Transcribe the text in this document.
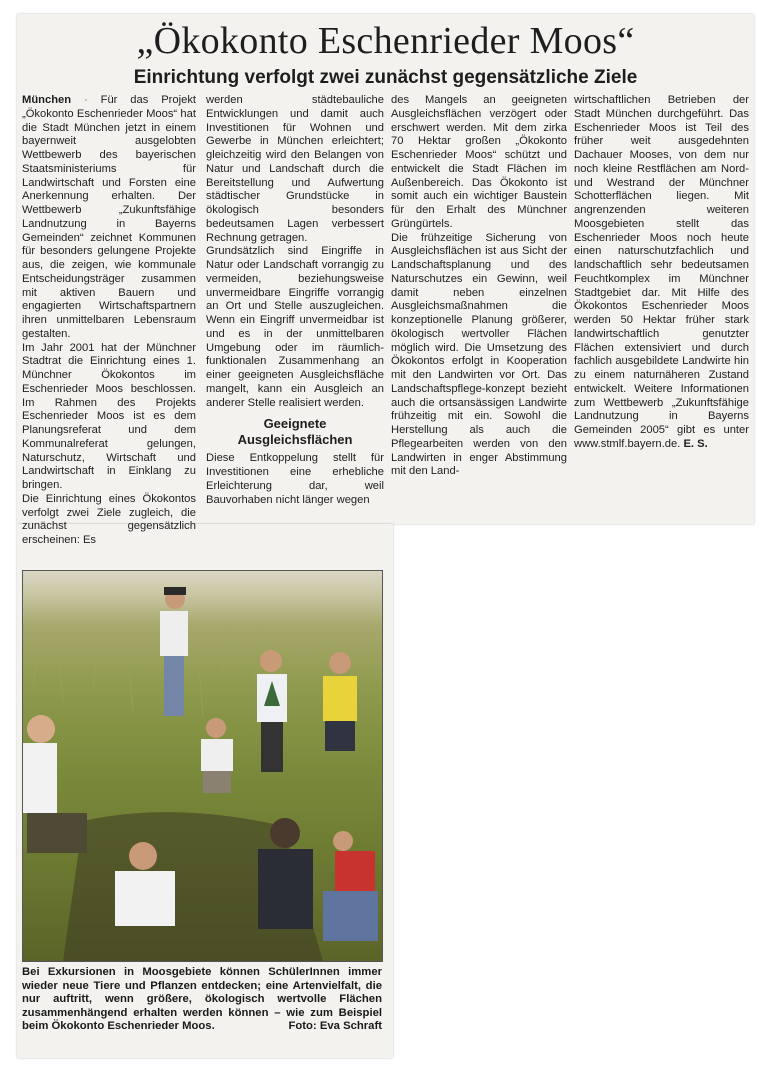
„Ökokonto Eschenrieder Moos“
Einrichtung verfolgt zwei zunächst gegensätzliche Ziele

München · Für das Projekt „Ökokonto Eschenrieder Moos“ hat die Stadt München jetzt in einem bayernweit ausgelobten Wettbewerb des bayerischen Staatsministeriums für Landwirtschaft und Forsten eine Anerkennung erhalten. Der Wettbewerb „Zukunftsfähige Landnutzung in Bayerns Gemeinden“ zeichnet Kommunen für besonders gelungene Projekte aus, die zeigen, wie kommunale Entscheidungsträger zusammen mit aktiven Bauern und engagierten Wirtschaftspartnern ihren unmittelbaren Lebensraum gestalten.

Im Jahr 2001 hat der Münchner Stadtrat die Einrichtung eines 1. Münchner Ökokontos im Eschenrieder Moos beschlossen. Im Rahmen des Projekts Eschenrieder Moos ist es dem Planungsreferat und dem Kommunalreferat gelungen, Naturschutz, Wirtschaft und Landwirtschaft in Einklang zu bringen.

Die Einrichtung eines Ökokontos verfolgt zwei Ziele zugleich, die zunächst gegensätzlich erscheinen: Es

werden städtebauliche Entwicklungen und damit auch Investitionen für Wohnen und Gewerbe in München erleichtert; gleichzeitig wird den Belangen von Natur und Landschaft durch die Bereitstellung und Aufwertung städtischer Grundstücke in ökologisch besonders bedeutsamen Lagen verbessert Rechnung getragen.

Grundsätzlich sind Eingriffe in Natur oder Landschaft vorrangig zu vermeiden, beziehungsweise unvermeidbare Eingriffe vorrangig an Ort und Stelle auszugleichen. Wenn ein Eingriff unvermeidbar ist und es in der unmittelbaren Umgebung oder im räumlich-funktionalen Zusammenhang an einer geeigneten Ausgleichsfläche mangelt, kann ein Ausgleich an anderer Stelle realisiert werden.

Geeignete Ausgleichsflächen

Diese Entkoppelung stellt für Investitionen eine erhebliche Erleichterung dar, weil Bauvorhaben nicht länger wegen

des Mangels an geeigneten Ausgleichsflächen verzögert oder erschwert werden. Mit dem zirka 70 Hektar großen „Ökokonto Eschenrieder Moos“ schützt und entwickelt die Stadt Flächen im Außenbereich. Das Ökokonto ist somit auch ein wichtiger Baustein für den Erhalt des Münchner Grüngürtels.

Die frühzeitige Sicherung von Ausgleichsflächen ist aus Sicht der Landschaftsplanung und des Naturschutzes ein Gewinn, weil damit neben einzelnen Ausgleichsmaßnahmen die konzeptionelle Planung größerer, ökologisch wertvoller Flächen möglich wird. Die Umsetzung des Ökokontos erfolgt in Kooperation mit den Landwirten vor Ort. Das Landschaftspflege-konzept bezieht auch die ortsansässigen Landwirte frühzeitig mit ein. Sowohl die Herstellung als auch die Pflegearbeiten werden von den Landwirten in enger Abstimmung mit den Land-

wirtschaftlichen Betrieben der Stadt München durchgeführt. Das Eschenrieder Moos ist Teil des früher weit ausgedehnten Dachauer Mooses, von dem nur noch kleine Restflächen am Nord- und Westrand der Münchner Schotterflächen liegen. Mit angrenzenden weiteren Moosgebieten stellt das Eschenrieder Moos noch heute einen naturschutzfachlich und landschaftlich sehr bedeutsamen Feuchtkomplex im Münchner Stadtgebiet dar. Mit Hilfe des Ökokontos Eschenrieder Moos werden 50 Hektar früher stark landwirtschaftlich genutzter Flächen extensiviert und durch fachlich ausgebildete Landwirte hin zu einem naturnäheren Zustand entwickelt. Weitere Informationen zum Wettbewerb „Zukunftsfähige Landnutzung in Bayerns Gemeinden 2005“ gibt es unter www.stmlf.bayern.de. E. S.

Bei Exkursionen in Moosgebiete können SchülerInnen immer wieder neue Tiere und Pflanzen entdecken; eine Artenvielfalt, die nur auftritt, wenn größere, ökologisch wertvolle Flächen zusammenhängend erhalten werden können – wie zum Beispiel beim Ökokonto Eschenrieder Moos.	Foto: Eva Schraft
